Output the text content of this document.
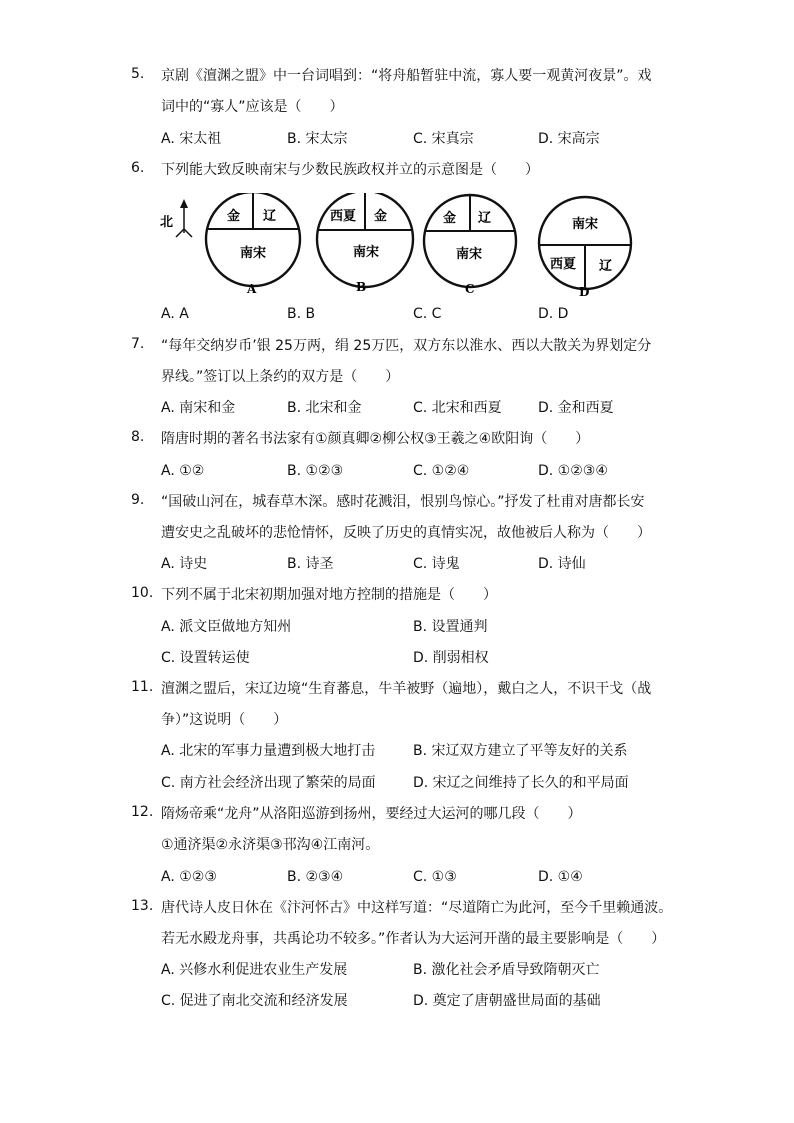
5.	京剧《澶渊之盟》中一台词唱到：“将舟船暂驻中流，寡人要一观黄河夜景”。戏
词中的“寡人”应该是（　　）
A. 宋太祖	B. 宋太宗	C. 宋真宗	D. 宋高宗
6.	下列能大致反映南宋与少数民族政权并立的示意图是（　　）
北	金 辽
南宋
A
西夏 金
南宋
B
金 辽
南宋
C
南宋
西夏 辽
D
A. A	B. B	C. C	D. D
7.	“每年交纳岁币’银 25万两，绢 25万匹，双方东以淮水、西以大散关为界划定分
界线。”签订以上条约的双方是（　　）
A. 南宋和金	B. 北宋和金	C. 北宋和西夏	D. 金和西夏
8.	隋唐时期的著名书法家有①颜真卿②柳公权③王羲之④欧阳询（　　）
A. ①②	B. ①②③	C. ①②④	D. ①②③④
9.	“国破山河在，城春草木深。感时花溅泪，恨别鸟惊心。”抒发了杜甫对唐都长安
遭安史之乱破坏的悲怆情怀，反映了历史的真情实况，故他被后人称为（　　）
A. 诗史	B. 诗圣	C. 诗鬼	D. 诗仙
10. 下列不属于北宋初期加强对地方控制的措施是（　　）
A. 派文臣做地方知州	B. 设置通判
C. 设置转运使	D. 削弱相权
11. 澶渊之盟后，宋辽边境“生育蕃息，牛羊被野（遍地），戴白之人，不识干戈（战
争）”这说明（　　）
A. 北宋的军事力量遭到极大地打击	B. 宋辽双方建立了平等友好的关系
C. 南方社会经济出现了繁荣的局面	D. 宋辽之间维持了长久的和平局面
12. 隋炀帝乘“龙舟”从洛阳巡游到扬州，要经过大运河的哪几段（　　）
①通济渠②永济渠③邗沟④江南河。
A. ①②③	B. ②③④	C. ①③	D. ①④
13. 唐代诗人皮日休在《汴河怀古》中这样写道：“尽道隋亡为此河，至今千里赖通波。
若无水殿龙舟事，共禹论功不较多。”作者认为大运河开凿的最主要影响是（　　）
A. 兴修水利促进农业生产发展	B. 激化社会矛盾导致隋朝灭亡
C. 促进了南北交流和经济发展	D. 奠定了唐朝盛世局面的基础
